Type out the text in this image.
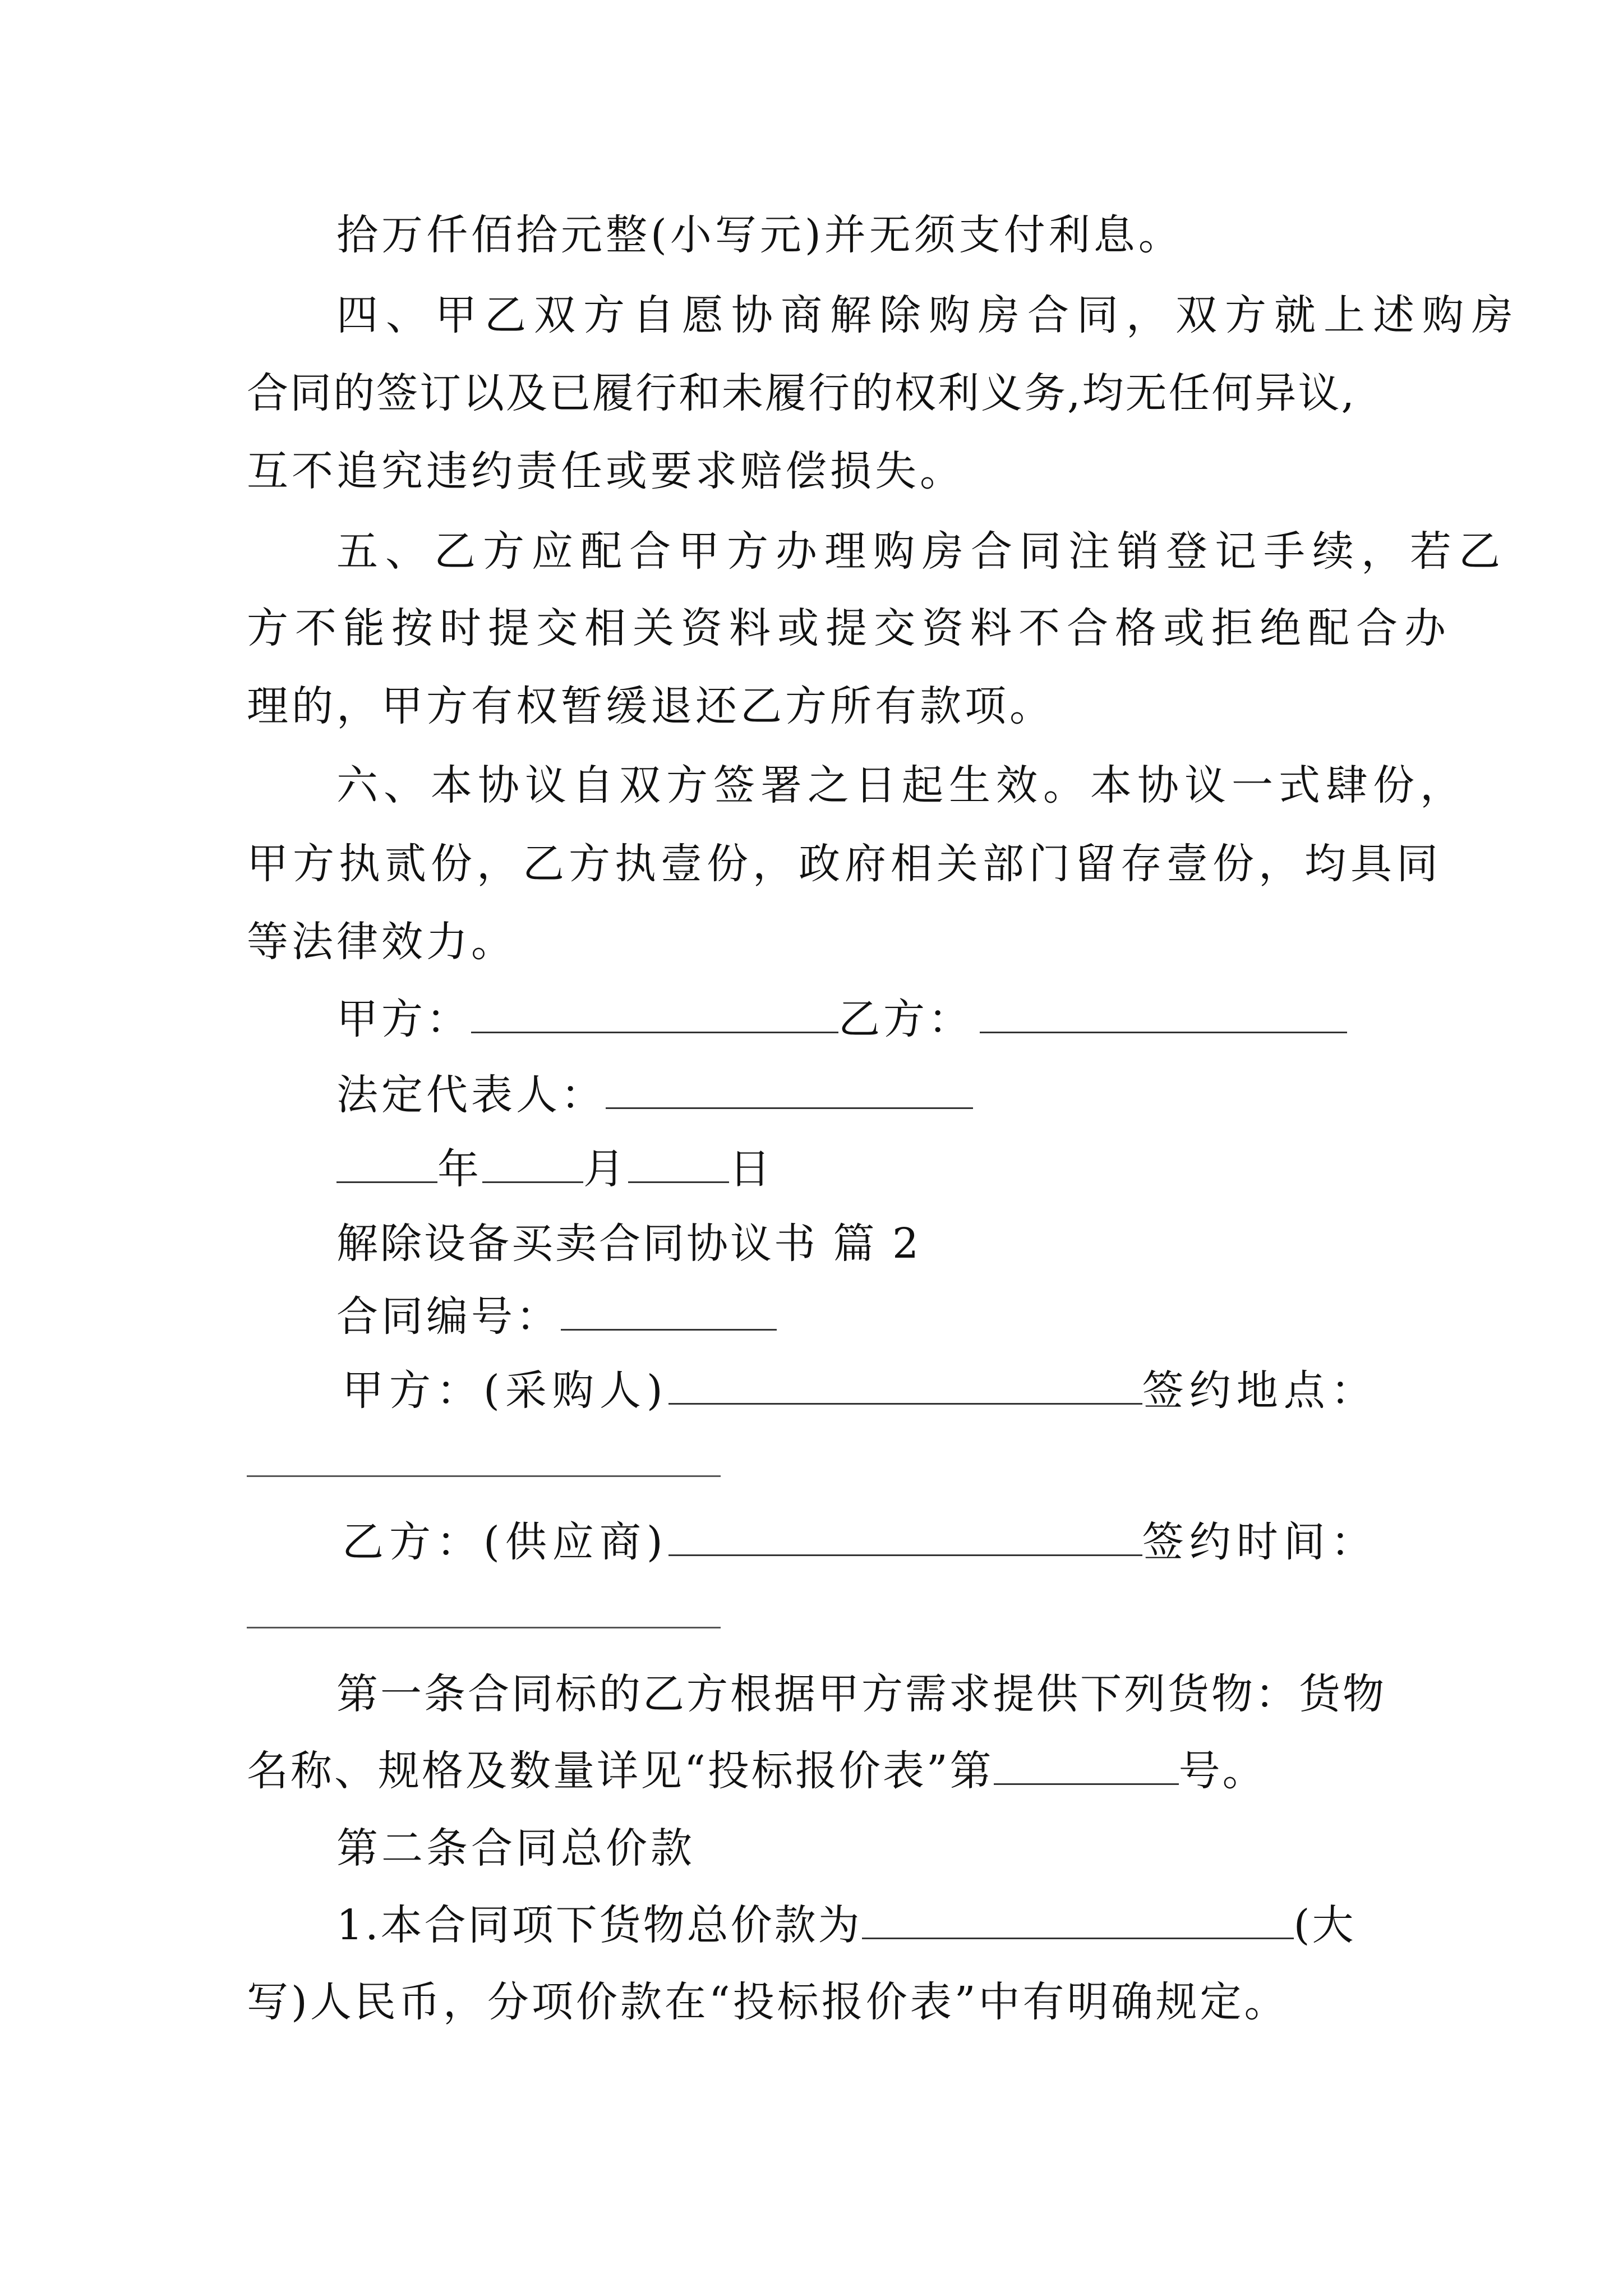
拾万仟佰拾元整(小写元)并无须支付利息。
四、甲乙双方自愿协商解除购房合同，双方就上述购房
合同的签订以及已履行和未履行的权利义务,均无任何异议,
互不追究违约责任或要求赔偿损失。
五、乙方应配合甲方办理购房合同注销登记手续，若乙
方不能按时提交相关资料或提交资料不合格或拒绝配合办
理的，甲方有权暂缓退还乙方所有款项。
六、本协议自双方签署之日起生效。本协议一式肆份，
甲方执贰份，乙方执壹份，政府相关部门留存壹份，均具同
等法律效力。
甲方：	乙方：
法定代表人：
年 月 日
解除设备买卖合同协议书 篇 2
合同编号：
甲方：(采购人)	签约地点：
乙方：(供应商)	签约时间：
第一条合同标的乙方根据甲方需求提供下列货物：货物
名称、规格及数量详见“投标报价表”第	号。
第二条合同总价款
1.本合同项下货物总价款为	(大
写)人民币，分项价款在“投标报价表”中有明确规定。
